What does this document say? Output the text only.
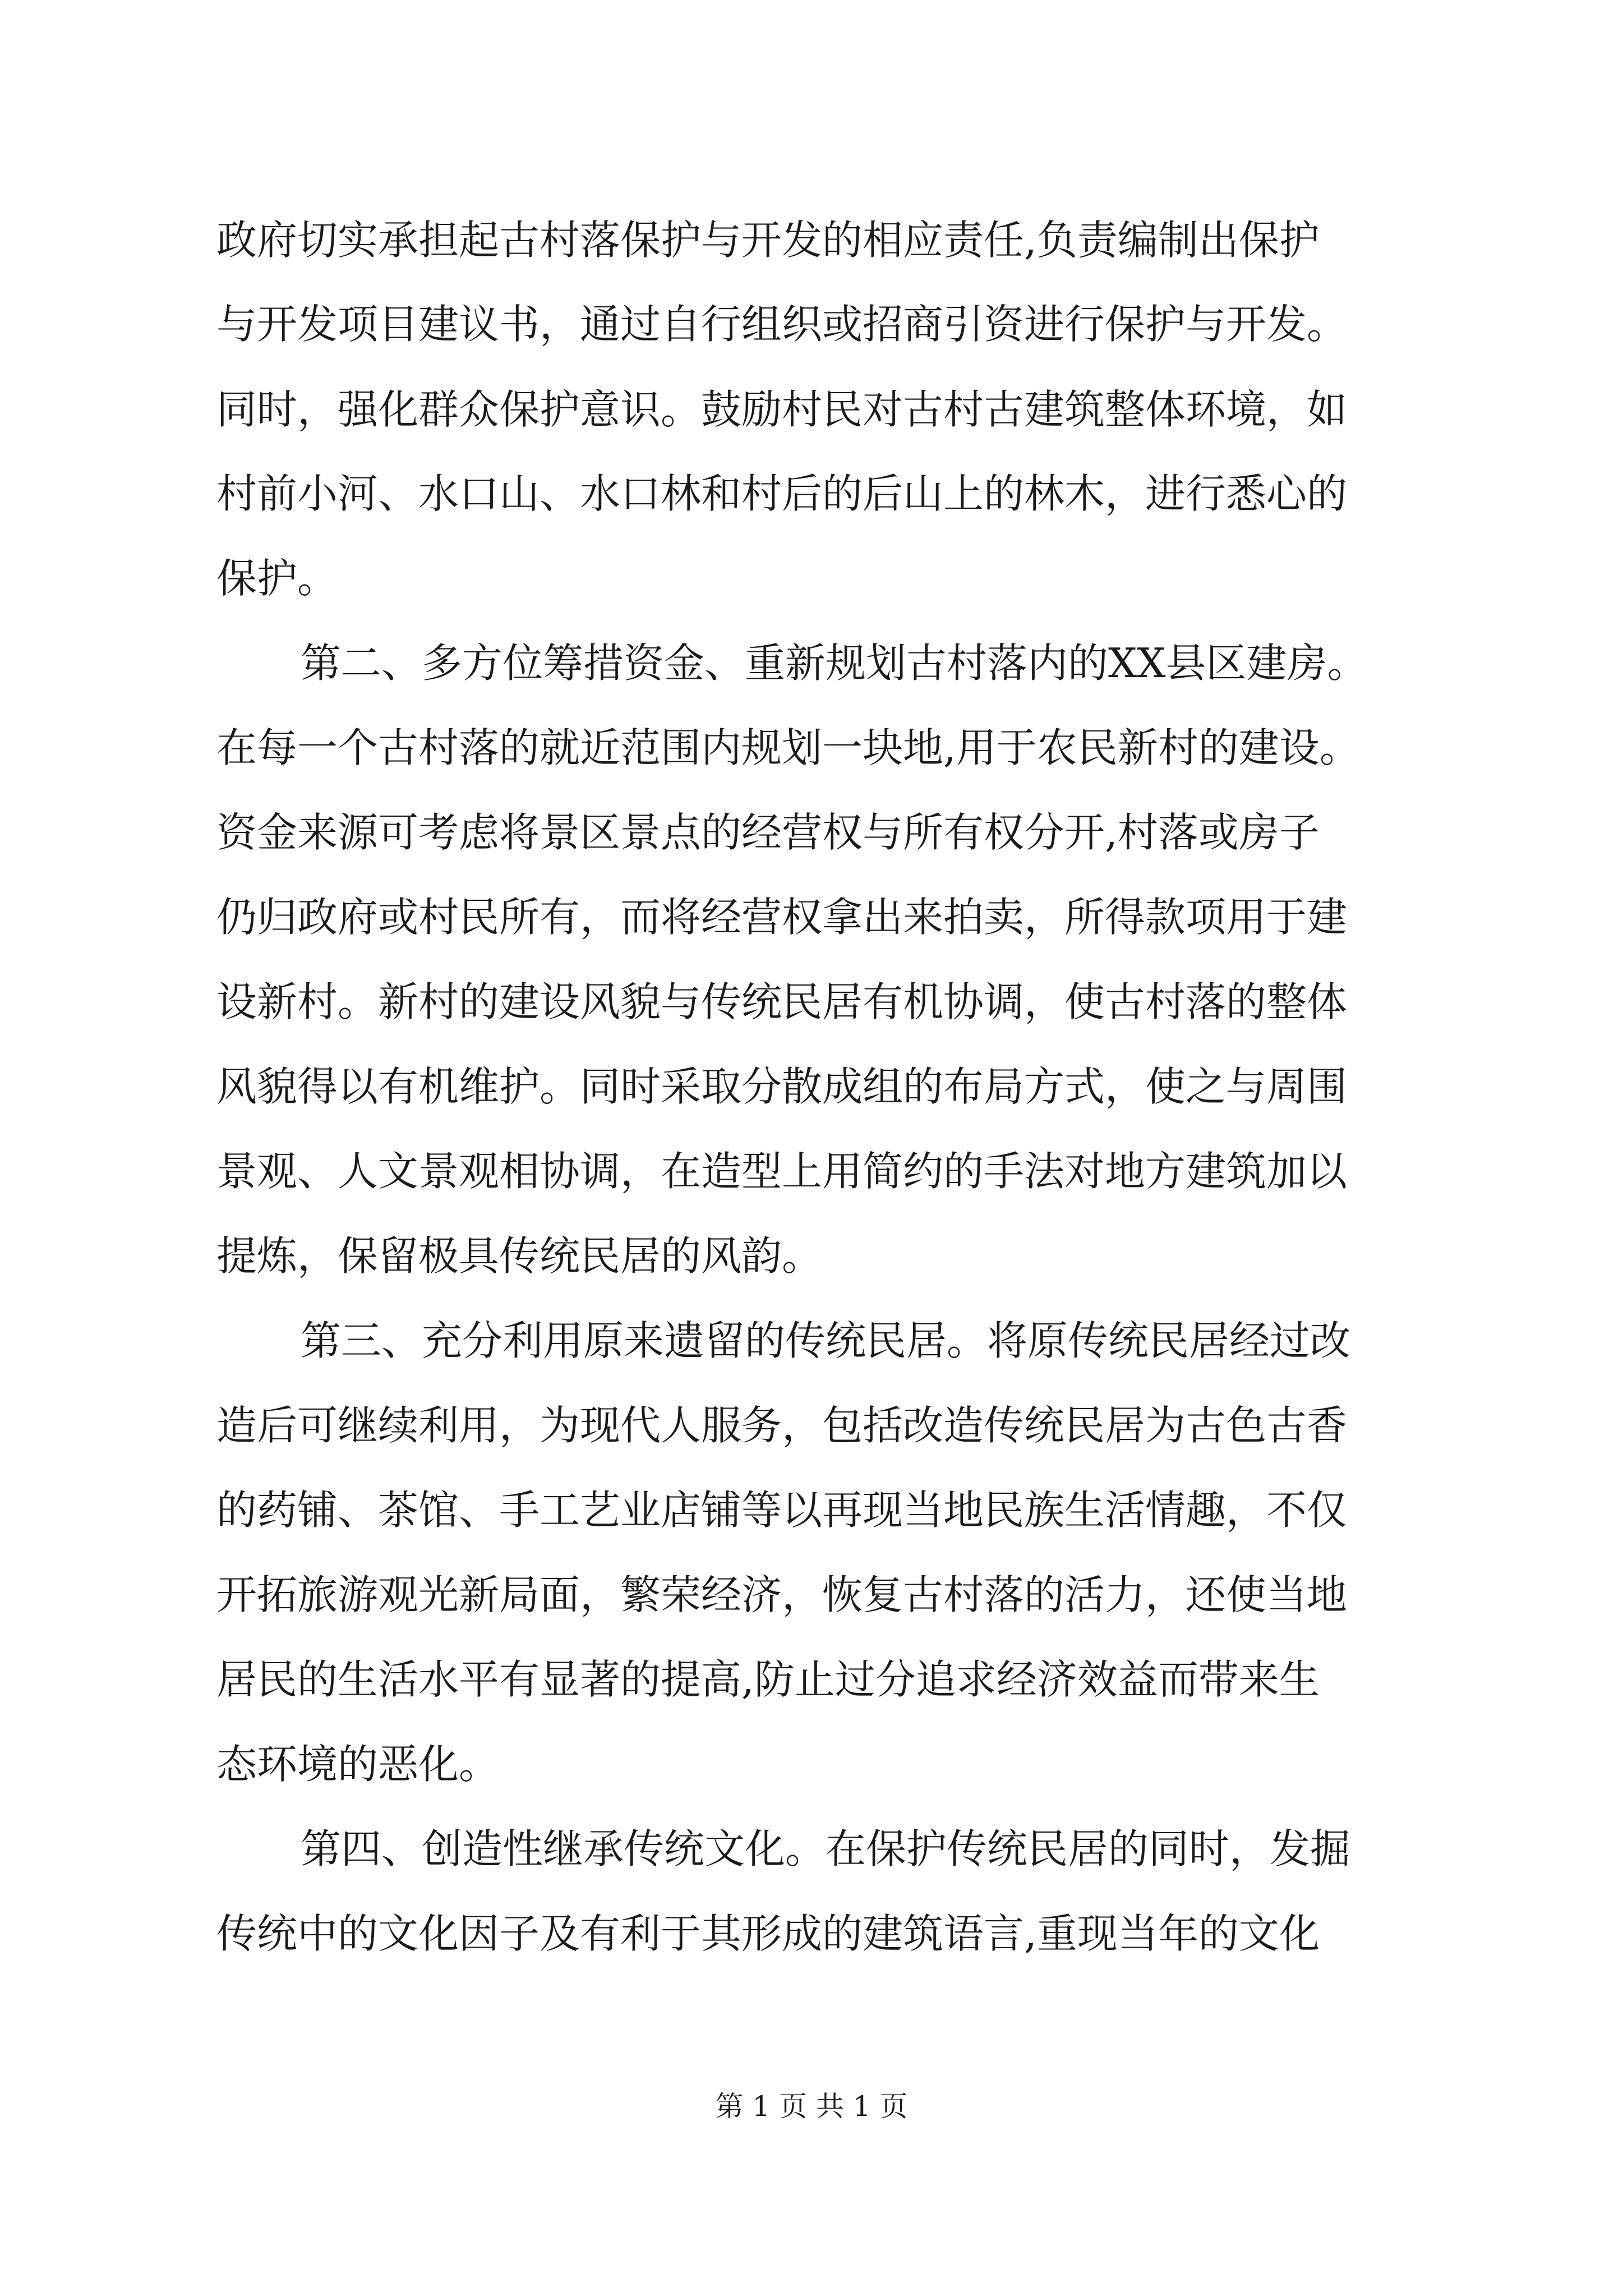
政府切实承担起古村落保护与开发的相应责任,负责编制出保护
与开发项目建议书，通过自行组织或招商引资进行保护与开发。
同时，强化群众保护意识。鼓励村民对古村古建筑整体环境，如
村前小河、水口山、水口林和村后的后山上的林木，进行悉心的
保护。
第二、多方位筹措资金、重新规划古村落内的XX县区建房。
在每一个古村落的就近范围内规划一块地,用于农民新村的建设。
资金来源可考虑将景区景点的经营权与所有权分开,村落或房子
仍归政府或村民所有，而将经营权拿出来拍卖，所得款项用于建
设新村。新村的建设风貌与传统民居有机协调，使古村落的整体
风貌得以有机维护。同时采取分散成组的布局方式，使之与周围
景观、人文景观相协调，在造型上用简约的手法对地方建筑加以
提炼，保留极具传统民居的风韵。
第三、充分利用原来遗留的传统民居。将原传统民居经过改
造后可继续利用，为现代人服务，包括改造传统民居为古色古香
的药铺、茶馆、手工艺业店铺等以再现当地民族生活情趣，不仅
开拓旅游观光新局面，繁荣经济，恢复古村落的活力，还使当地
居民的生活水平有显著的提高,防止过分追求经济效益而带来生
态环境的恶化。
第四、创造性继承传统文化。在保护传统民居的同时，发掘
传统中的文化因子及有利于其形成的建筑语言,重现当年的文化
第 1 页 共 1 页
